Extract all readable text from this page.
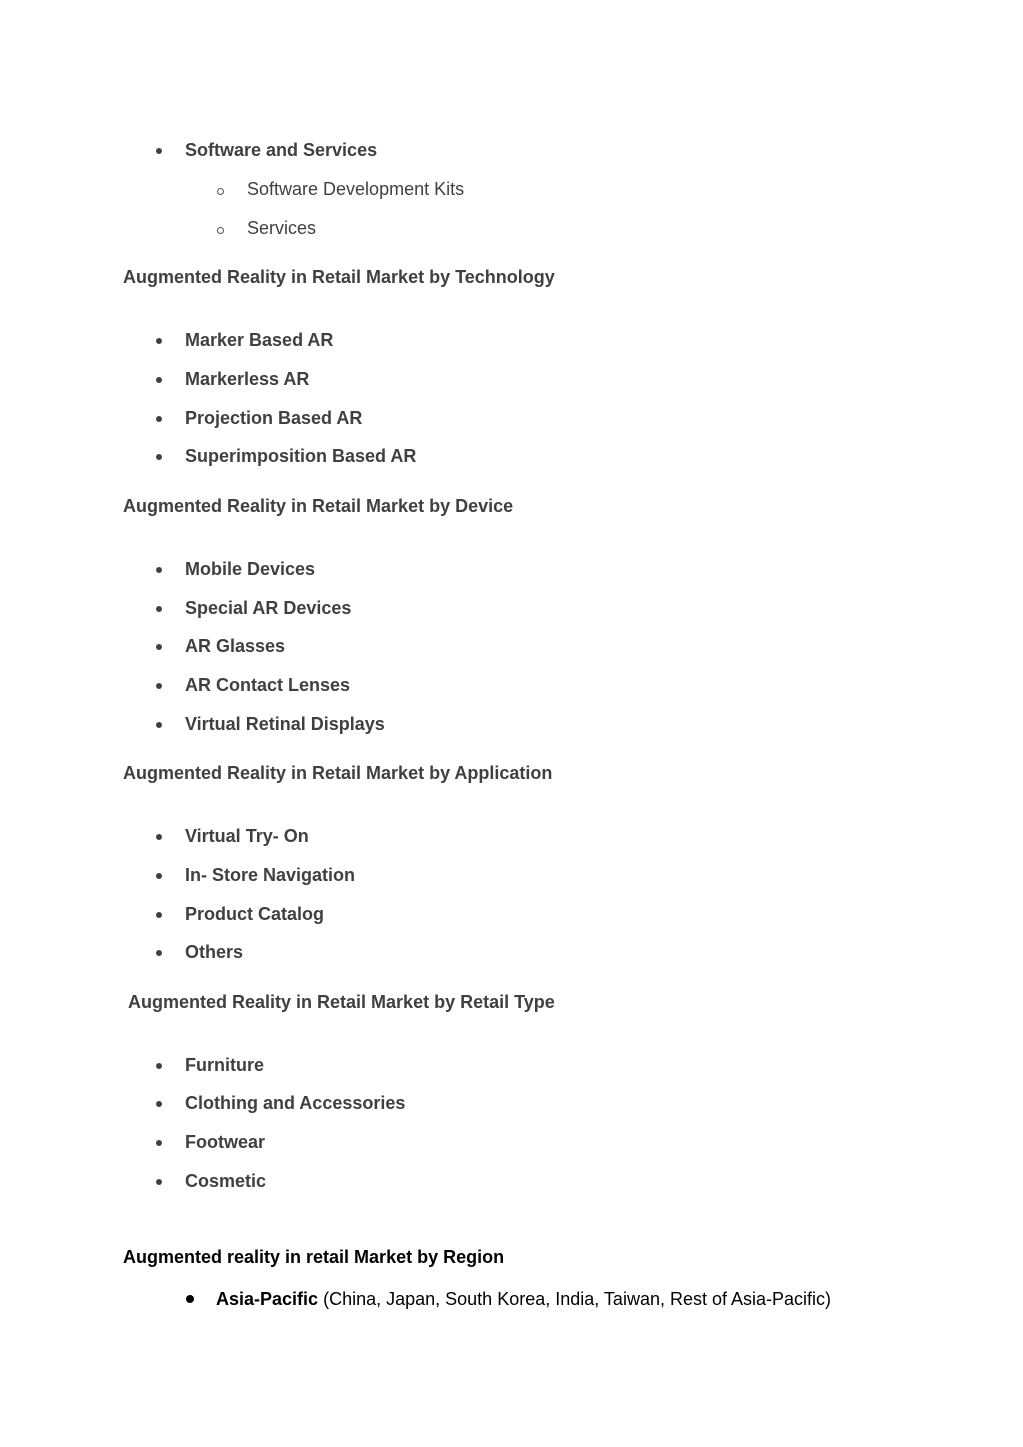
Software and Services

Software Development Kits

Services

Augmented Reality in Retail Market by Technology

Marker Based AR

Markerless AR

Projection Based AR

Superimposition Based AR

Augmented Reality in Retail Market by Device

Mobile Devices

Special AR Devices

AR Glasses

AR Contact Lenses

Virtual Retinal Displays

Augmented Reality in Retail Market by Application

Virtual Try- On

In- Store Navigation

Product Catalog

Others

Augmented Reality in Retail Market by Retail Type

Furniture

Clothing and Accessories

Footwear

Cosmetic

Augmented reality in retail Market by Region

Asia-Pacific (China, Japan, South Korea, India, Taiwan, Rest of Asia-Pacific)
